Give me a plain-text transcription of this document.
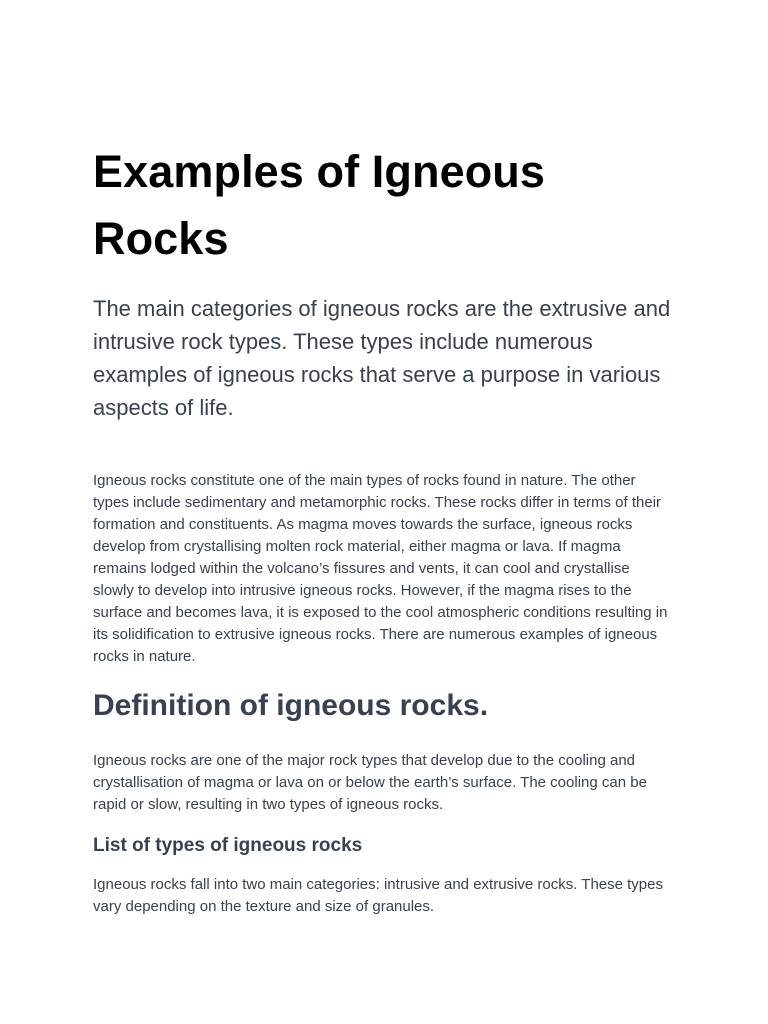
Examples of Igneous Rocks

The main categories of igneous rocks are the extrusive and intrusive rock types. These types include numerous examples of igneous rocks that serve a purpose in various aspects of life.

Igneous rocks constitute one of the main types of rocks found in nature. The other types include sedimentary and metamorphic rocks. These rocks differ in terms of their formation and constituents. As magma moves towards the surface, igneous rocks develop from crystallising molten rock material, either magma or lava. If magma remains lodged within the volcano’s fissures and vents, it can cool and crystallise slowly to develop into intrusive igneous rocks. However, if the magma rises to the surface and becomes lava, it is exposed to the cool atmospheric conditions resulting in its solidification to extrusive igneous rocks. There are numerous examples of igneous rocks in nature.

Definition of igneous rocks.

Igneous rocks are one of the major rock types that develop due to the cooling and crystallisation of magma or lava on or below the earth’s surface. The cooling can be rapid or slow, resulting in two types of igneous rocks.

List of types of igneous rocks

Igneous rocks fall into two main categories: intrusive and extrusive rocks. These types vary depending on the texture and size of granules.
